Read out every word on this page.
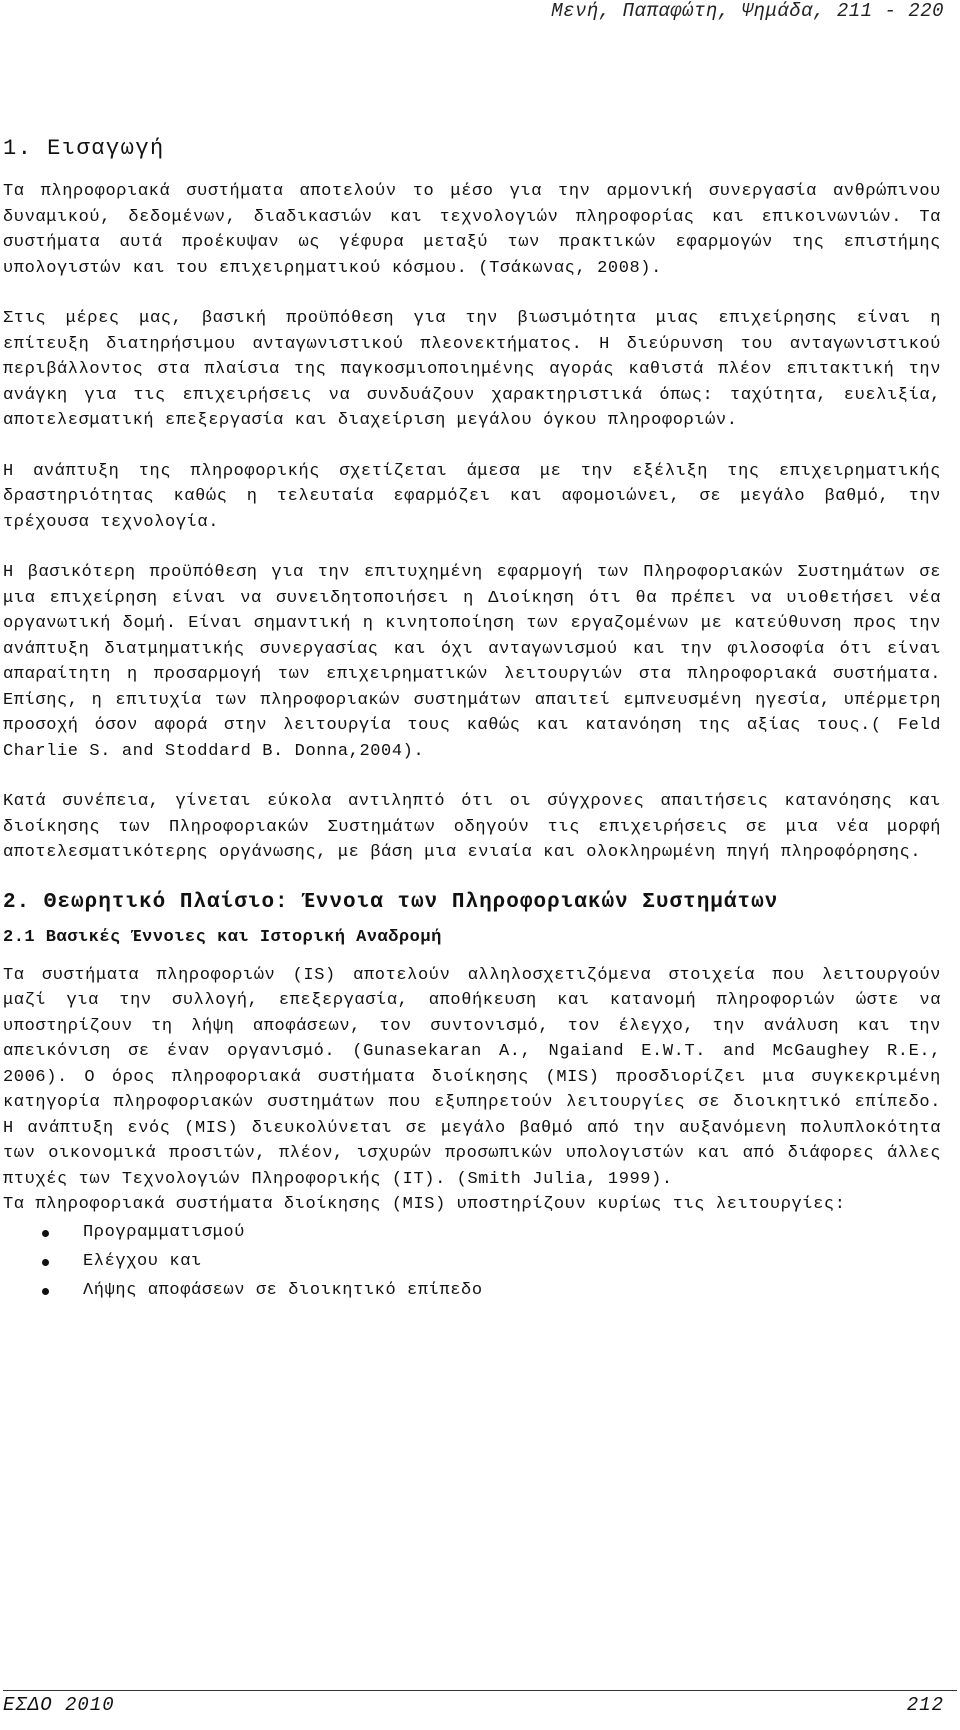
Μενή, Παπαφώτη, Ψημάδα, 211 - 220
1. Εισαγωγή

Τα πληροφοριακά συστήματα αποτελούν το μέσο για την αρμονική συνεργασία ανθρώπινου δυναμικού, δεδομένων, διαδικασιών και τεχνολογιών πληροφορίας και επικοινωνιών. Τα συστήματα αυτά προέκυψαν ως γέφυρα μεταξύ των πρακτικών εφαρμογών της επιστήμης υπολογιστών και του επιχειρηματικού κόσμου. (Τσάκωνας, 2008).

Στις μέρες μας, βασική προϋπόθεση για την βιωσιμότητα μιας επιχείρησης είναι η επίτευξη διατηρήσιμου ανταγωνιστικού πλεονεκτήματος. Η διεύρυνση του ανταγωνιστικού περιβάλλοντος στα πλαίσια της παγκοσμιοποιημένης αγοράς καθιστά πλέον επιτακτική την ανάγκη για τις επιχειρήσεις να συνδυάζουν χαρακτηριστικά όπως: ταχύτητα, ευελιξία, αποτελεσματική επεξεργασία και διαχείριση μεγάλου όγκου πληροφοριών.

Η ανάπτυξη της πληροφορικής σχετίζεται άμεσα με την εξέλιξη της επιχειρηματικής δραστηριότητας καθώς η τελευταία εφαρμόζει και αφομοιώνει, σε μεγάλο βαθμό, την τρέχουσα τεχνολογία.

Η βασικότερη προϋπόθεση για την επιτυχημένη εφαρμογή των Πληροφοριακών Συστημάτων σε μια επιχείρηση είναι να συνειδητοποιήσει η Διοίκηση ότι θα πρέπει να υιοθετήσει νέα οργανωτική δομή. Είναι σημαντική η κινητοποίηση των εργαζομένων με κατεύθυνση προς την ανάπτυξη διατμηματικής συνεργασίας και όχι ανταγωνισμού και την φιλοσοφία ότι είναι απαραίτητη η προσαρμογή των επιχειρηματικών λειτουργιών στα πληροφοριακά συστήματα. Επίσης, η επιτυχία των πληροφοριακών συστημάτων απαιτεί εμπνευσμένη ηγεσία, υπέρμετρη προσοχή όσον αφορά στην λειτουργία τους καθώς και κατανόηση της αξίας τους.( Feld Charlie S. and Stoddard B. Donna,2004).

Κατά συνέπεια, γίνεται εύκολα αντιληπτό ότι οι σύγχρονες απαιτήσεις κατανόησης και διοίκησης των Πληροφοριακών Συστημάτων οδηγούν τις επιχειρήσεις σε μια νέα μορφή αποτελεσματικότερης οργάνωσης, με βάση μια ενιαία και ολοκληρωμένη πηγή πληροφόρησης.

2. Θεωρητικό Πλαίσιο: Έννοια των Πληροφοριακών Συστημάτων
2.1 Βασικές Έννοιες και Ιστορική Αναδρομή

Τα συστήματα πληροφοριών (IS) αποτελούν αλληλοσχετιζόμενα στοιχεία που λειτουργούν μαζί για την συλλογή, επεξεργασία, αποθήκευση και κατανομή πληροφοριών ώστε να υποστηρίζουν τη λήψη αποφάσεων, τον συντονισμό, τον έλεγχο, την ανάλυση και την απεικόνιση σε έναν οργανισμό. (Gunasekaran A., Ngaiand E.W.T. and McGaughey R.E., 2006). Ο όρος πληροφοριακά συστήματα διοίκησης (MIS) προσδιορίζει μια συγκεκριμένη κατηγορία πληροφοριακών συστημάτων που εξυπηρετούν λειτουργίες σε διοικητικό επίπεδο. Η ανάπτυξη ενός (MIS) διευκολύνεται σε μεγάλο βαθμό από την αυξανόμενη πολυπλοκότητα των οικονομικά προσιτών, πλέον, ισχυρών προσωπικών υπολογιστών και από διάφορες άλλες πτυχές των Τεχνολογιών Πληροφορικής (IT). (Smith Julia, 1999).

Τα πληροφοριακά συστήματα διοίκησης (MIS) υποστηρίζουν κυρίως τις λειτουργίες:

Προγραμματισμού
Ελέγχου και
Λήψης αποφάσεων σε διοικητικό επίπεδο
ΕΣΔΟ 2010	212
